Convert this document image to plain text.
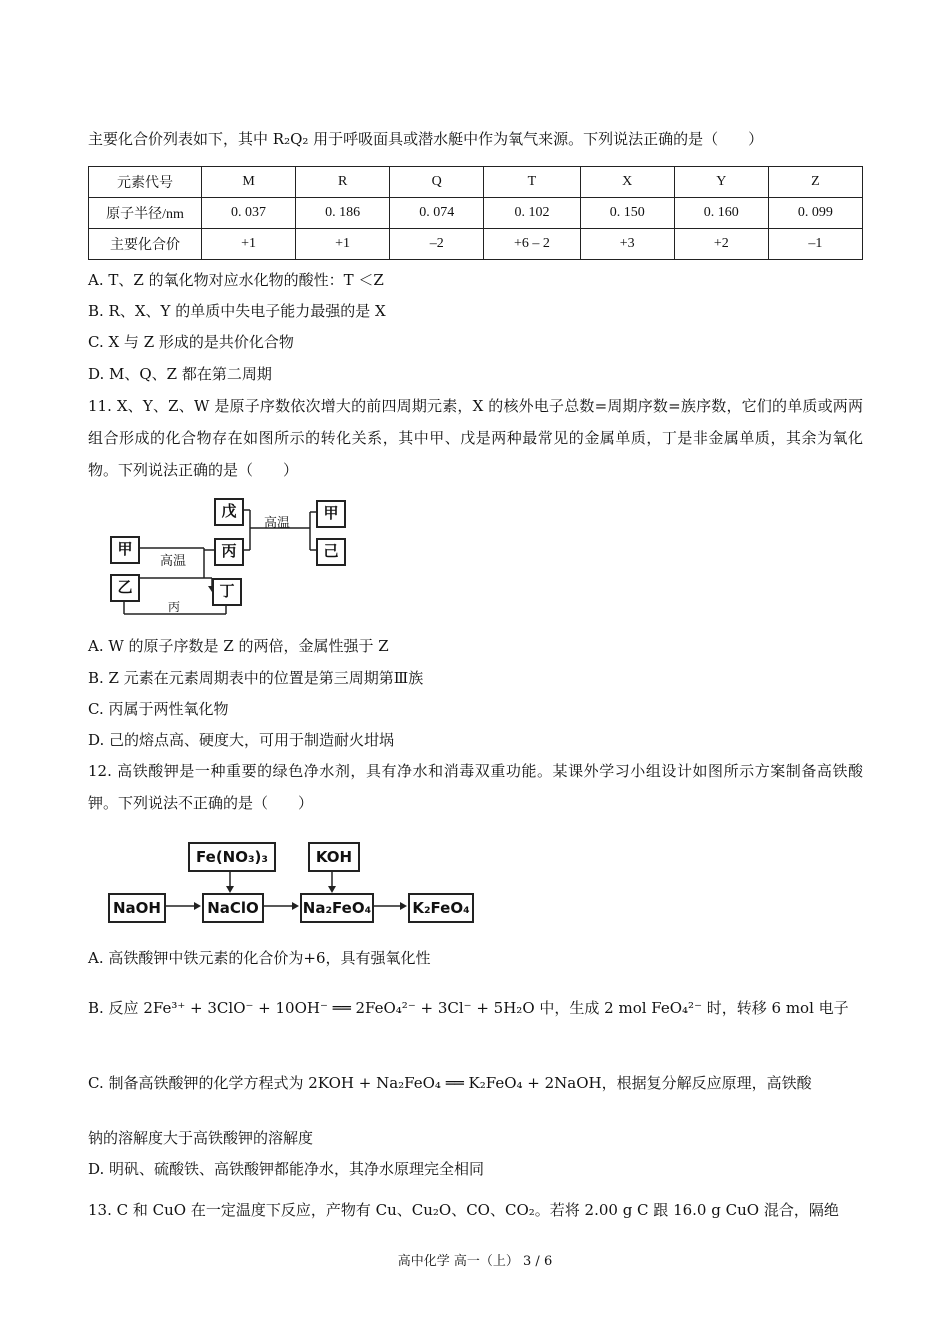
主要化合价列表如下，其中 R₂Q₂ 用于呼吸面具或潜水艇中作为氧气来源。下列说法正确的是（　　）
元素代号	M	R	Q	T	X	Y	Z
原子半径/nm	0. 037	0. 186	0. 074	0. 102	0. 150	0. 160	0. 099
主要化合价	+1	+1	–2	+6 – 2	+3	+2	–1
A. T、Z 的氧化物对应水化物的酸性：T ＜Z
B. R、X、Y 的单质中失电子能力最强的是 X
C. X 与 Z 形成的是共价化合物
D. M、Q、Z 都在第二周期
11. X、Y、Z、W 是原子序数依次增大的前四周期元素，X 的核外电子总数=周期序数=族序数，它们的单质或两两组合形成的化合物存在如图所示的转化关系，其中甲、戊是两种最常见的金属单质，丁是非金属单质，其余为氧化物。下列说法正确的是（　　）
甲
乙
戊
丙
丁
甲
己
高温
高温
丙
A. W 的原子序数是 Z 的两倍，金属性强于 Z
B. Z 元素在元素周期表中的位置是第三周期第Ⅲ族
C. 丙属于两性氧化物
D. 己的熔点高、硬度大，可用于制造耐火坩埚
12. 高铁酸钾是一种重要的绿色净水剂，具有净水和消毒双重功能。某课外学习小组设计如图所示方案制备高铁酸钾。下列说法不正确的是（　　）
Fe(NO₃)₃	KOH
NaOH	NaClO	Na₂FeO₄	K₂FeO₄
A. 高铁酸钾中铁元素的化合价为+6，具有强氧化性
B. 反应 2Fe³⁺ + 3ClO⁻ + 10OH⁻ ══ 2FeO₄²⁻ + 3Cl⁻ + 5H₂O 中，生成 2 mol FeO₄²⁻ 时，转移 6 mol 电子
C. 制备高铁酸钾的化学方程式为 2KOH + Na₂FeO₄ ══ K₂FeO₄ + 2NaOH，根据复分解反应原理，高铁酸
钠的溶解度大于高铁酸钾的溶解度
D. 明矾、硫酸铁、高铁酸钾都能净水，其净水原理完全相同
13. C 和 CuO 在一定温度下反应，产物有 Cu、Cu₂O、CO、CO₂。若将 2.00 g C 跟 16.0 g CuO 混合，隔绝
高中化学 高一（上） 3 / 6
